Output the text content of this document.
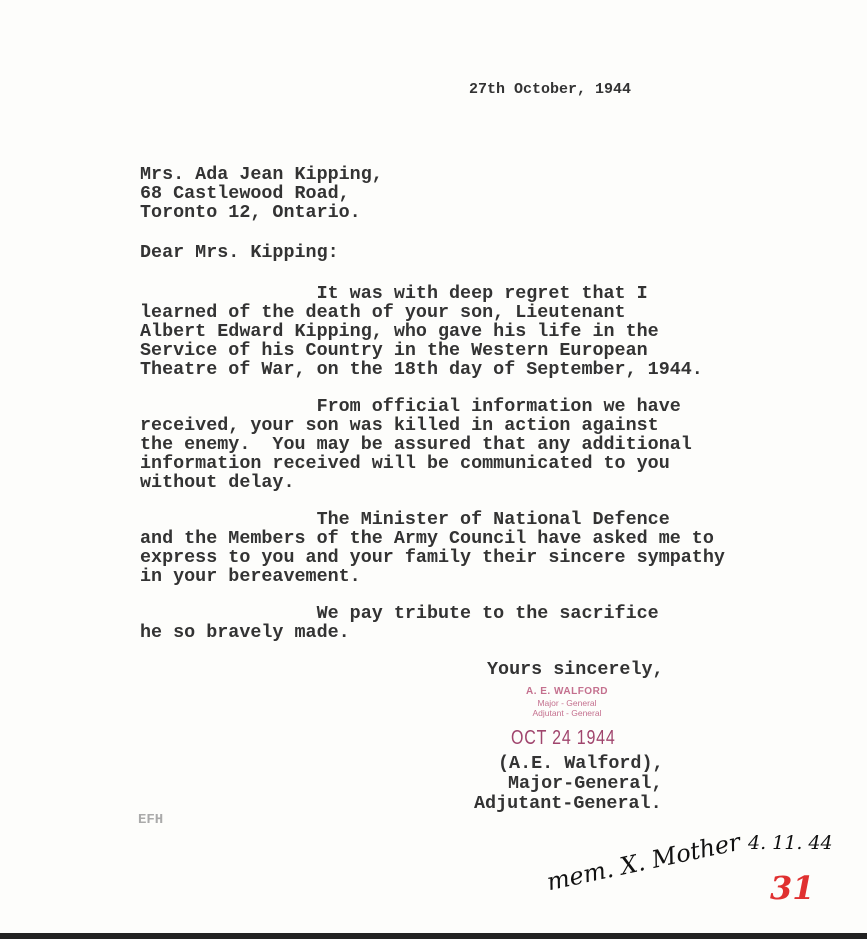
27th October, 1944
Mrs. Ada Jean Kipping,
68 Castlewood Road,
Toronto 12, Ontario.
Dear Mrs. Kipping:
It was with deep regret that I
learned of the death of your son, Lieutenant
Albert Edward Kipping, who gave his life in the
Service of his Country in the Western European
Theatre of War, on the 18th day of September, 1944.
From official information we have
received, your son was killed in action against
the enemy.  You may be assured that any additional
information received will be communicated to you
without delay.
The Minister of National Defence
and the Members of the Army Council have asked me to
express to you and your family their sincere sympathy
in your bereavement.
We pay tribute to the sacrifice
he so bravely made.
Yours sincerely,
A. E. WALFORD
Major - General
Adjutant - General
OCT 24 1944
(A.E. Walford),
Major-General,
Adjutant-General.
EFH
mem. X. Mother 4. 11. 44
31
